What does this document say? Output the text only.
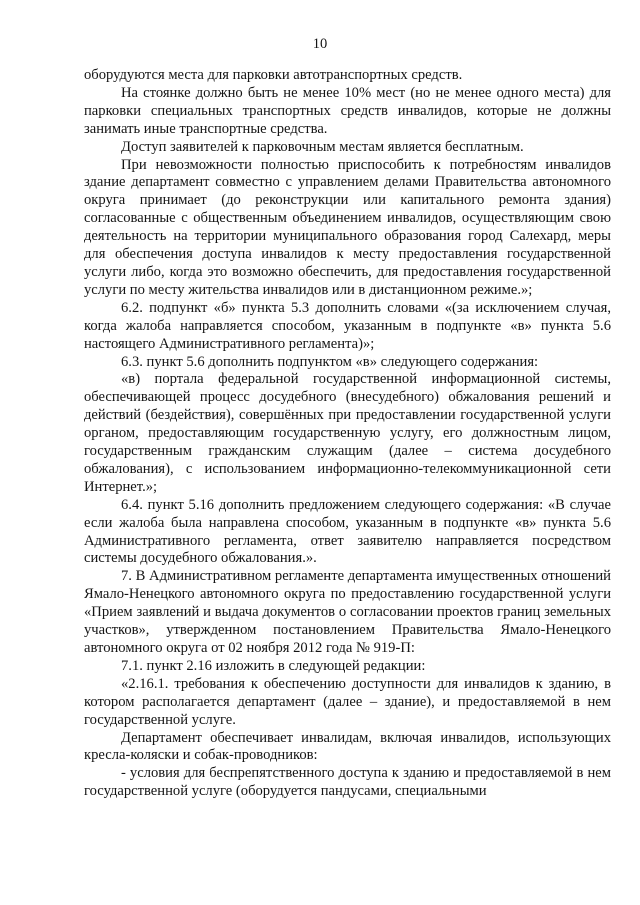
10

оборудуются места для парковки автотранспортных средств.

На стоянке должно быть не менее 10% мест (но не менее одного места) для парковки специальных транспортных средств инвалидов, которые не должны занимать иные транспортные средства.

Доступ заявителей к парковочным местам является бесплатным.

При невозможности полностью приспособить к потребностям инвалидов здание департамент совместно с управлением делами Правительства автономного округа принимает (до реконструкции или капитального ремонта здания) согласованные с общественным объединением инвалидов, осуществляющим свою деятельность на территории муниципального образования город Салехард, меры для обеспечения доступа инвалидов к месту предоставления государственной услуги либо, когда это возможно обеспечить, для предоставления государственной услуги по месту жительства инвалидов или в дистанционном режиме.»;

6.2. подпункт «б» пункта 5.3 дополнить словами «(за исключением случая, когда жалоба направляется способом, указанным в подпункте «в» пункта 5.6 настоящего Административного регламента)»;

6.3. пункт 5.6 дополнить подпунктом «в» следующего содержания:

«в) портала федеральной государственной информационной системы, обеспечивающей процесс досудебного (внесудебного) обжалования решений и действий (бездействия), совершённых при предоставлении государственной услуги органом, предоставляющим государственную услугу, его должностным лицом, государственным гражданским служащим (далее – система досудебного обжалования), с использованием информационно-телекоммуникационной сети Интернет.»;

6.4. пункт 5.16 дополнить предложением следующего содержания: «В случае если жалоба была направлена способом, указанным в подпункте «в» пункта 5.6 Административного регламента, ответ заявителю направляется посредством системы досудебного обжалования.».

7. В Административном регламенте департамента имущественных отношений Ямало-Ненецкого автономного округа по предоставлению государственной услуги «Прием заявлений и выдача документов о согласовании проектов границ земельных участков», утвержденном постановлением Правительства Ямало-Ненецкого автономного округа от 02 ноября 2012 года № 919-П:

7.1. пункт 2.16 изложить в следующей редакции:

«2.16.1. требования к обеспечению доступности для инвалидов к зданию, в котором располагается департамент (далее – здание), и предоставляемой в нем государственной услуге.

Департамент обеспечивает инвалидам, включая инвалидов, использующих кресла-коляски и собак-проводников:

- условия для беспрепятственного доступа к зданию и предоставляемой в нем государственной услуге (оборудуется пандусами, специальными
